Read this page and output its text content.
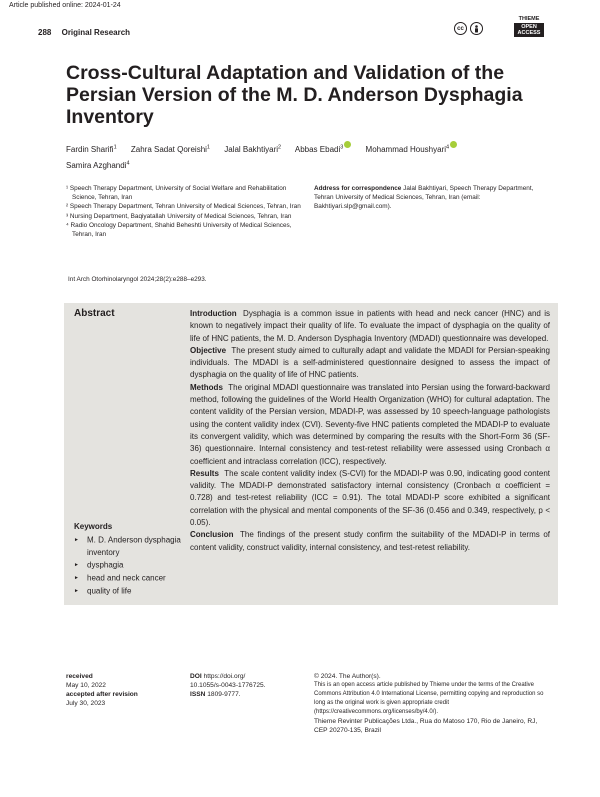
Article published online: 2024-01-24
288 Original Research	cc
THIEME
OPEN ACCESS
Cross-Cultural Adaptation and Validation of the Persian Version of the M. D. Anderson Dysphagia Inventory
Fardin Sharifi$^1$ Zahra Sadat Qoreishi$^1$ Jalal Bakhtiyari$^2$ Abbas Ebadi$^3$	Mohammad Houshyari$^4$
Samira Azghandi$^4$
¹ Speech Therapy Department, University of Social Welfare and Rehabilitation Science, Tehran, Iran
² Speech Therapy Department, Tehran University of Medical Sciences, Tehran, Iran
³ Nursing Department, Baqiyatallah University of Medical Sciences, Tehran, Iran
⁴ Radio Oncology Department, Shahid Beheshti University of Medical Sciences, Tehran, Iran
Address for correspondence Jalal Bakhtiyari, Speech Therapy Department, Tehran University of Medical Sciences, Tehran, Iran (email: Bakhtiyari.slp@gmail.com).
Int Arch Otorhinolaryngol 2024;28(2):e288–e293.
Abstract	Introduction Dysphagia is a common issue in patients with head and neck cancer (HNC) and is known to negatively impact their quality of life. To evaluate the impact of dysphagia on the quality of life of HNC patients, the M. D. Anderson Dysphagia Inventory (MDADI) questionnaire was developed.

Objective The present study aimed to culturally adapt and validate the MDADI for Persian-speaking individuals. The MDADI is a self-administered questionnaire designed to assess the impact of dysphagia on the quality of life of HNC patients.

Methods The original MDADI questionnaire was translated into Persian using the forward-backward method, following the guidelines of the World Health Organization (WHO) for cultural adaptation. The content validity of the Persian version, MDADI-P, was assessed by 10 speech-language pathologists using the content validity index (CVI). Seventy-five HNC patients completed the MDADI-P to evaluate its convergent validity, which was determined by comparing the results with the Short-Form 36 (SF-36) questionnaire. Internal consistency and test-retest reliability were assessed using Cronbach α coefficient and intraclass correlation (ICC), respectively.

Results The scale content validity index (S-CVI) for the MDADI-P was 0.90, indicating good content validity. The MDADI-P demonstrated satisfactory internal consistency (Cronbach α coefficient = 0.728) and test-retest reliability (ICC = 0.91). The total MDADI-P score exhibited a significant correlation with the physical and mental components of the SF-36 (0.456 and 0.349, respectively, p < 0.05).

Conclusion The findings of the present study confirm the suitability of the MDADI-P in terms of content validity, construct validity, internal consistency, and test-retest reliability.

Keywords
► M. D. Anderson dysphagia inventory
► dysphagia
► head and neck cancer
► quality of life
received
May 10, 2022
accepted after revision
July 30, 2023
DOI https://doi.org/
10.1055/s-0043-1776725.
ISSN 1809-9777.
© 2024. The Author(s).
This is an open access article published by Thieme under the terms of the Creative Commons Attribution 4.0 International License, permitting copying and reproduction so long as the original work is given appropriate credit (https://creativecommons.org/licenses/by/4.0/).
Thieme Revinter Publicações Ltda., Rua do Matoso 170, Rio de Janeiro, RJ, CEP 20270-135, Brazil
